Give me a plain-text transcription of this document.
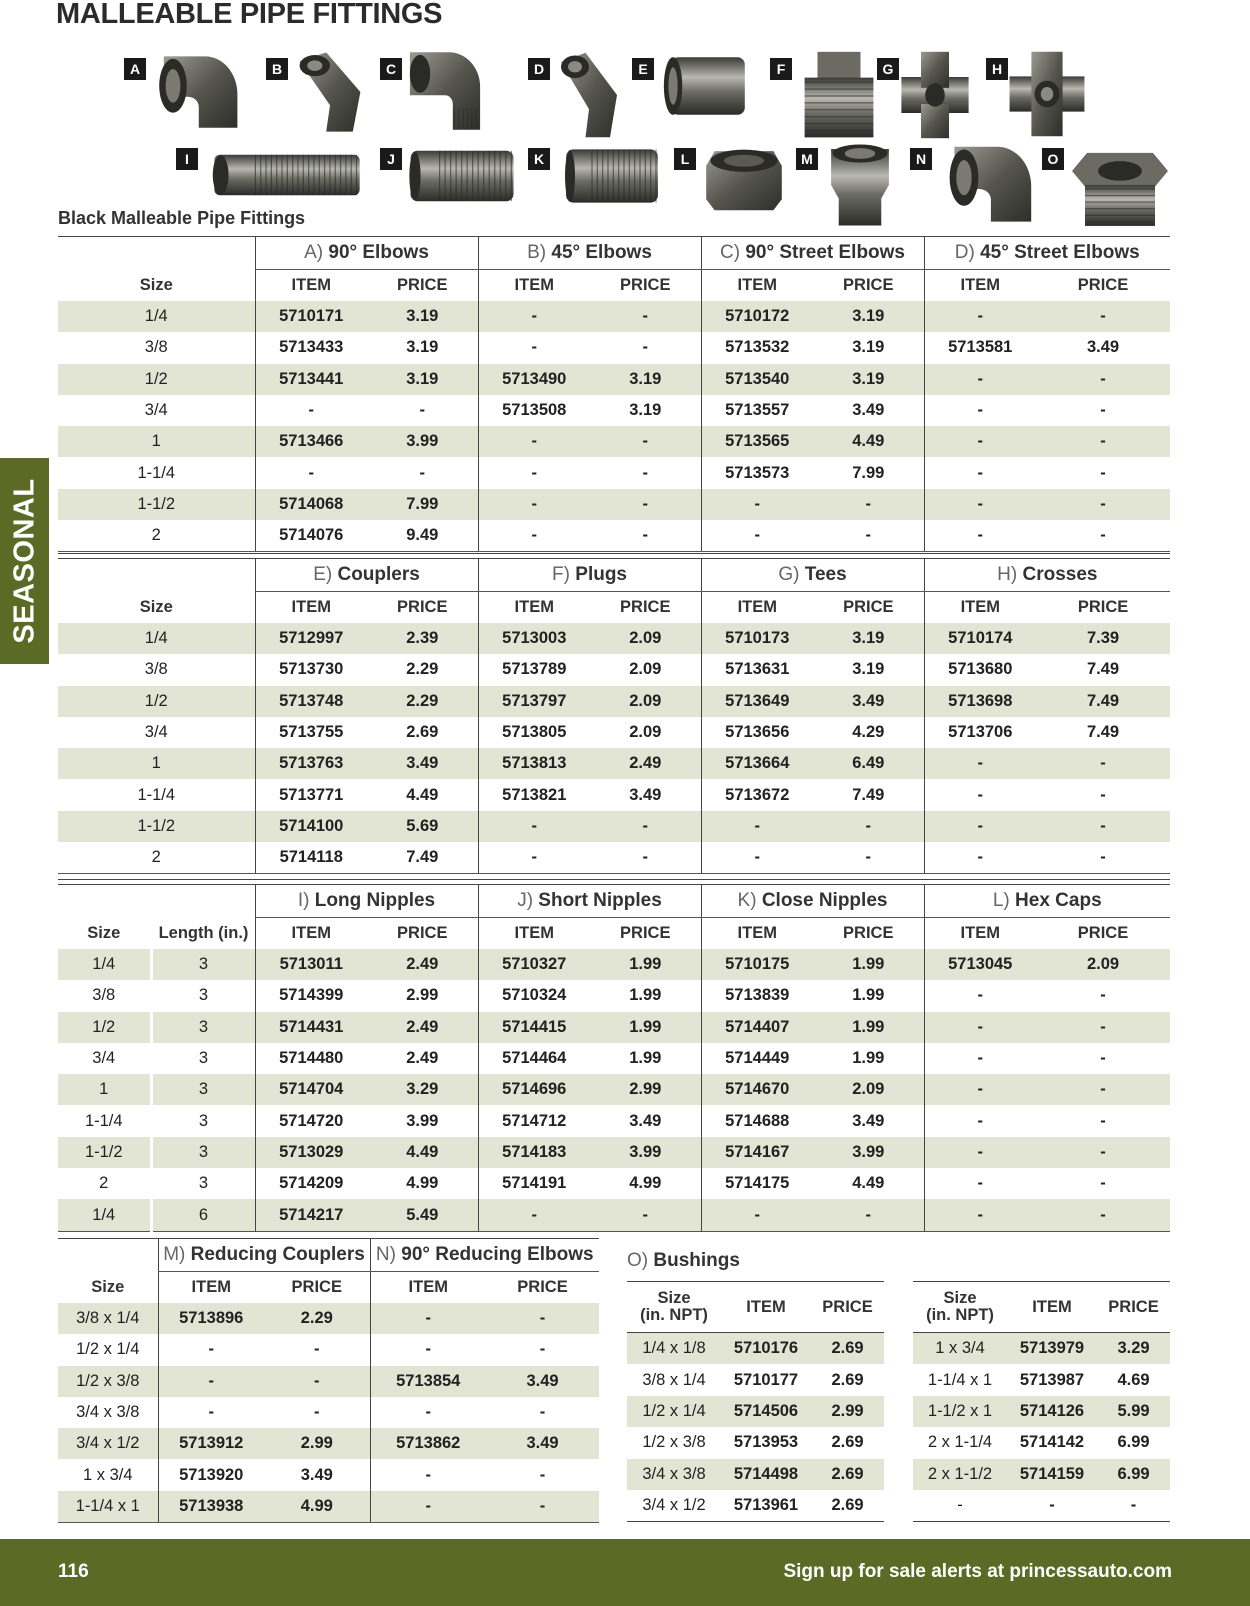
MALLEABLE PIPE FITTINGS
SEASONAL
A	B	C	D	E	F	G	H
I	J	K	L	M	N	O
Black Malleable Pipe Fittings
	A) 90° Elbows		B) 45° Elbows		C) 90° Street Elbows		D) 45° Street Elbows	
Size	ITEM	PRICE	ITEM	PRICE	ITEM	PRICE	ITEM	PRICE
1/4	5710171	3.19	-	-	5710172	3.19	-	-
3/8	5713433	3.19	-	-	5713532	3.19	5713581	3.49
1/2	5713441	3.19	5713490	3.19	5713540	3.19	-	-
3/4	-	-	5713508	3.19	5713557	3.49	-	-
1	5713466	3.99	-	-	5713565	4.49	-	-
1-1/4	-	-	-	-	5713573	7.99	-	-
1-1/2	5714068	7.99	-	-	-	-	-	-
2	5714076	9.49	-	-	-	-	-	-
	E) Couplers		F) Plugs		G) Tees		H) Crosses	
Size	ITEM	PRICE	ITEM	PRICE	ITEM	PRICE	ITEM	PRICE
1/4	5712997	2.39	5713003	2.09	5710173	3.19	5710174	7.39
3/8	5713730	2.29	5713789	2.09	5713631	3.19	5713680	7.49
1/2	5713748	2.29	5713797	2.09	5713649	3.49	5713698	7.49
3/4	5713755	2.69	5713805	2.09	5713656	4.29	5713706	7.49
1	5713763	3.49	5713813	2.49	5713664	6.49	-	-
1-1/4	5713771	4.49	5713821	3.49	5713672	7.49	-	-
1-1/2	5714100	5.69	-	-	-	-	-	-
2	5714118	7.49	-	-	-	-	-	-
		I) Long Nipples		J) Short Nipples		K) Close Nipples		L) Hex Caps	
Size	Length (in.)	ITEM	PRICE	ITEM	PRICE	ITEM	PRICE	ITEM	PRICE
1/4	3	5713011	2.49	5710327	1.99	5710175	1.99	5713045	2.09
3/8	3	5714399	2.99	5710324	1.99	5713839	1.99	-	-
1/2	3	5714431	2.49	5714415	1.99	5714407	1.99	-	-
3/4	3	5714480	2.49	5714464	1.99	5714449	1.99	-	-
1	3	5714704	3.29	5714696	2.99	5714670	2.09	-	-
1-1/4	3	5714720	3.99	5714712	3.49	5714688	3.49	-	-
1-1/2	3	5713029	4.49	5714183	3.99	5714167	3.99	-	-
2	3	5714209	4.99	5714191	4.99	5714175	4.49	-	-
1/4	6	5714217	5.49	-	-	-	-	-	-
	M) Reducing Couplers		N) 90° Reducing Elbows	
Size	ITEM	PRICE	ITEM	PRICE
3/8 x 1/4	5713896	2.29	-	-
1/2 x 1/4	-	-	-	-
1/2 x 3/8	-	-	5713854	3.49
3/4 x 3/8	-	-	-	-
3/4 x 1/2	5713912	2.99	5713862	3.49
1 x 3/4	5713920	3.49	-	-
1-1/4 x 1	5713938	4.99	-	-
O) Bushings
Size
(in. NPT)	ITEM	PRICE
1/4 x 1/8	5710176	2.69
3/8 x 1/4	5710177	2.69
1/2 x 1/4	5714506	2.99
1/2 x 3/8	5713953	2.69
3/4 x 3/8	5714498	2.69
3/4 x 1/2	5713961	2.69
Size
(in. NPT)	ITEM	PRICE
1 x 3/4	5713979	3.29
1-1/4 x 1	5713987	4.69
1-1/2 x 1	5714126	5.99
2 x 1-1/4	5714142	6.99
2 x 1-1/2	5714159	6.99
-	-	-
116	Sign up for sale alerts at princessauto.com
